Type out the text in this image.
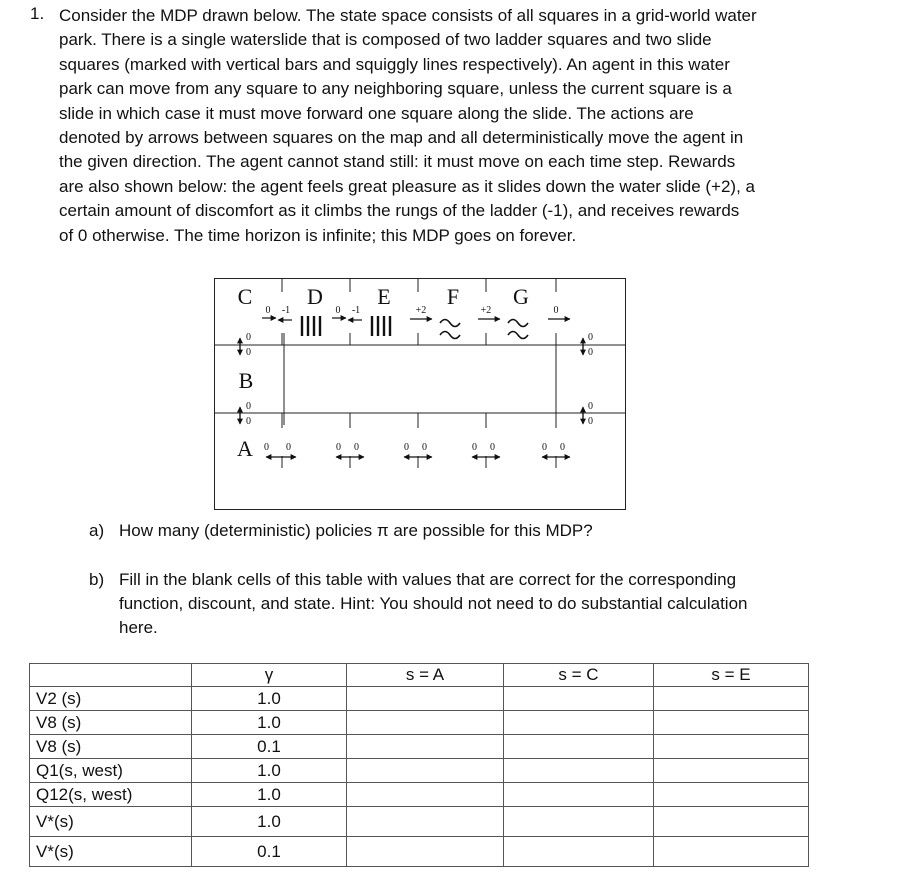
1. Consider the MDP drawn below. The state space consists of all squares in a grid-world water
park. There is a single waterslide that is composed of two ladder squares and two slide
squares (marked with vertical bars and squiggly lines respectively). An agent in this water
park can move from any square to any neighboring square, unless the current square is a
slide in which case it must move forward one square along the slide. The actions are
denoted by arrows between squares on the map and all deterministically move the agent in
the given direction. The agent cannot stand still: it must move on each time step. Rewards
are also shown below: the agent feels great pleasure as it slides down the water slide (+2), a
certain amount of discomfort as it climbs the rungs of the ladder (-1), and receives rewards
of 0 otherwise. The time horizon is infinite; this MDP goes on forever.

C D E	F G
B
A
0 -1	0 -1	+2	+2	0
0
0
0
0
0
0
0
0
0 0	0 0	0 0	0 0	0 0
a) How many (deterministic) policies π are possible for this MDP?
b) Fill in the blank cells of this table with values that are correct for the corresponding
function, discount, and state. Hint: You should not need to do substantial calculation
here.
	γ	s = A	s = C	s = E
V2 (s)	1.0			
V8 (s)	1.0			
V8 (s)	0.1			
Q1(s, west)	1.0			
Q12(s, west)	1.0			
V*(s)	1.0			
V*(s)	0.1			
